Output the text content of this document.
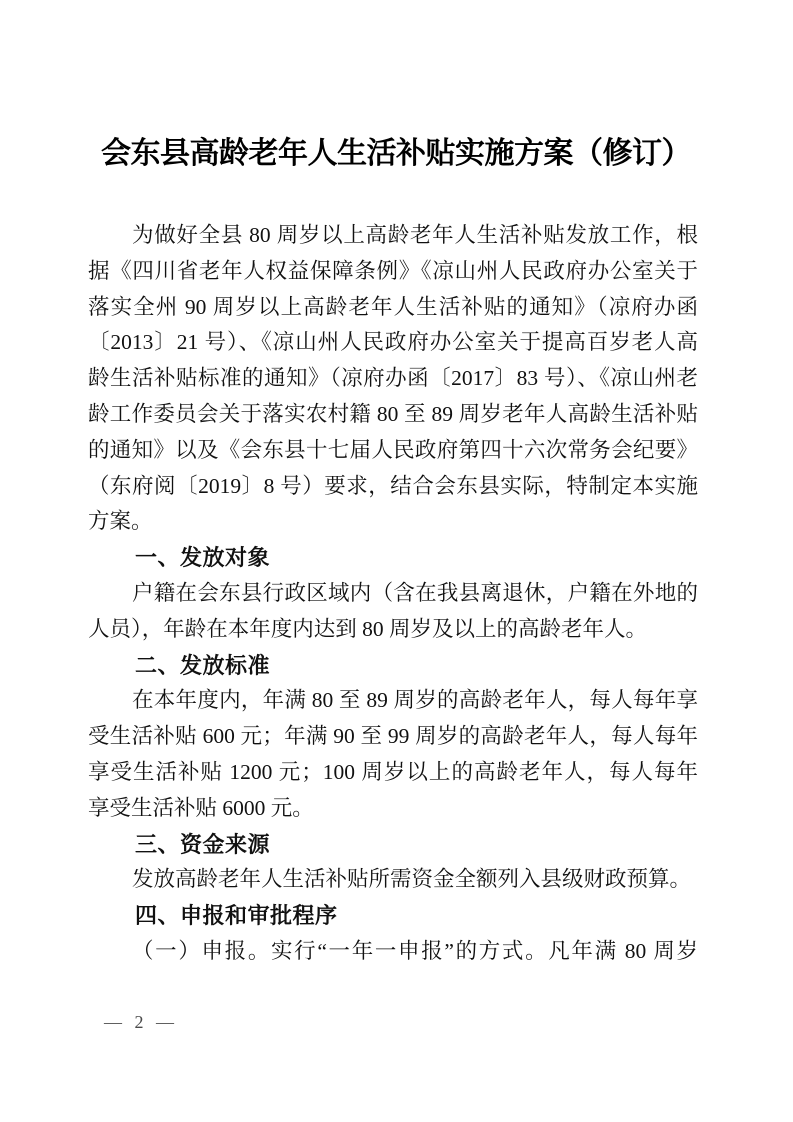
会东县高龄老年人生活补贴实施方案（修订）
为做好全县 80 周岁以上高龄老年人生活补贴发放工作，根
据《四川省老年人权益保障条例》《凉山州人民政府办公室关于
落实全州 90 周岁以上高龄老年人生活补贴的通知》（凉府办函
〔2013〕21 号）、《凉山州人民政府办公室关于提高百岁老人高
龄生活补贴标准的通知》（凉府办函〔2017〕83 号）、《凉山州老
龄工作委员会关于落实农村籍 80 至 89 周岁老年人高龄生活补贴
的通知》以及《会东县十七届人民政府第四十六次常务会纪要》
（东府阅〔2019〕8 号）要求，结合会东县实际，特制定本实施
方案。
一、发放对象
户籍在会东县行政区域内（含在我县离退休，户籍在外地的
人员），年龄在本年度内达到 80 周岁及以上的高龄老年人。
二、发放标准
在本年度内，年满 80 至 89 周岁的高龄老年人，每人每年享
受生活补贴 600 元；年满 90 至 99 周岁的高龄老年人，每人每年
享受生活补贴 1200 元；100 周岁以上的高龄老年人，每人每年
享受生活补贴 6000 元。
三、资金来源
发放高龄老年人生活补贴所需资金全额列入县级财政预算。
四、申报和审批程序
（一）申报。实行“一年一申报”的方式。凡年满 80 周岁
— 2 —
